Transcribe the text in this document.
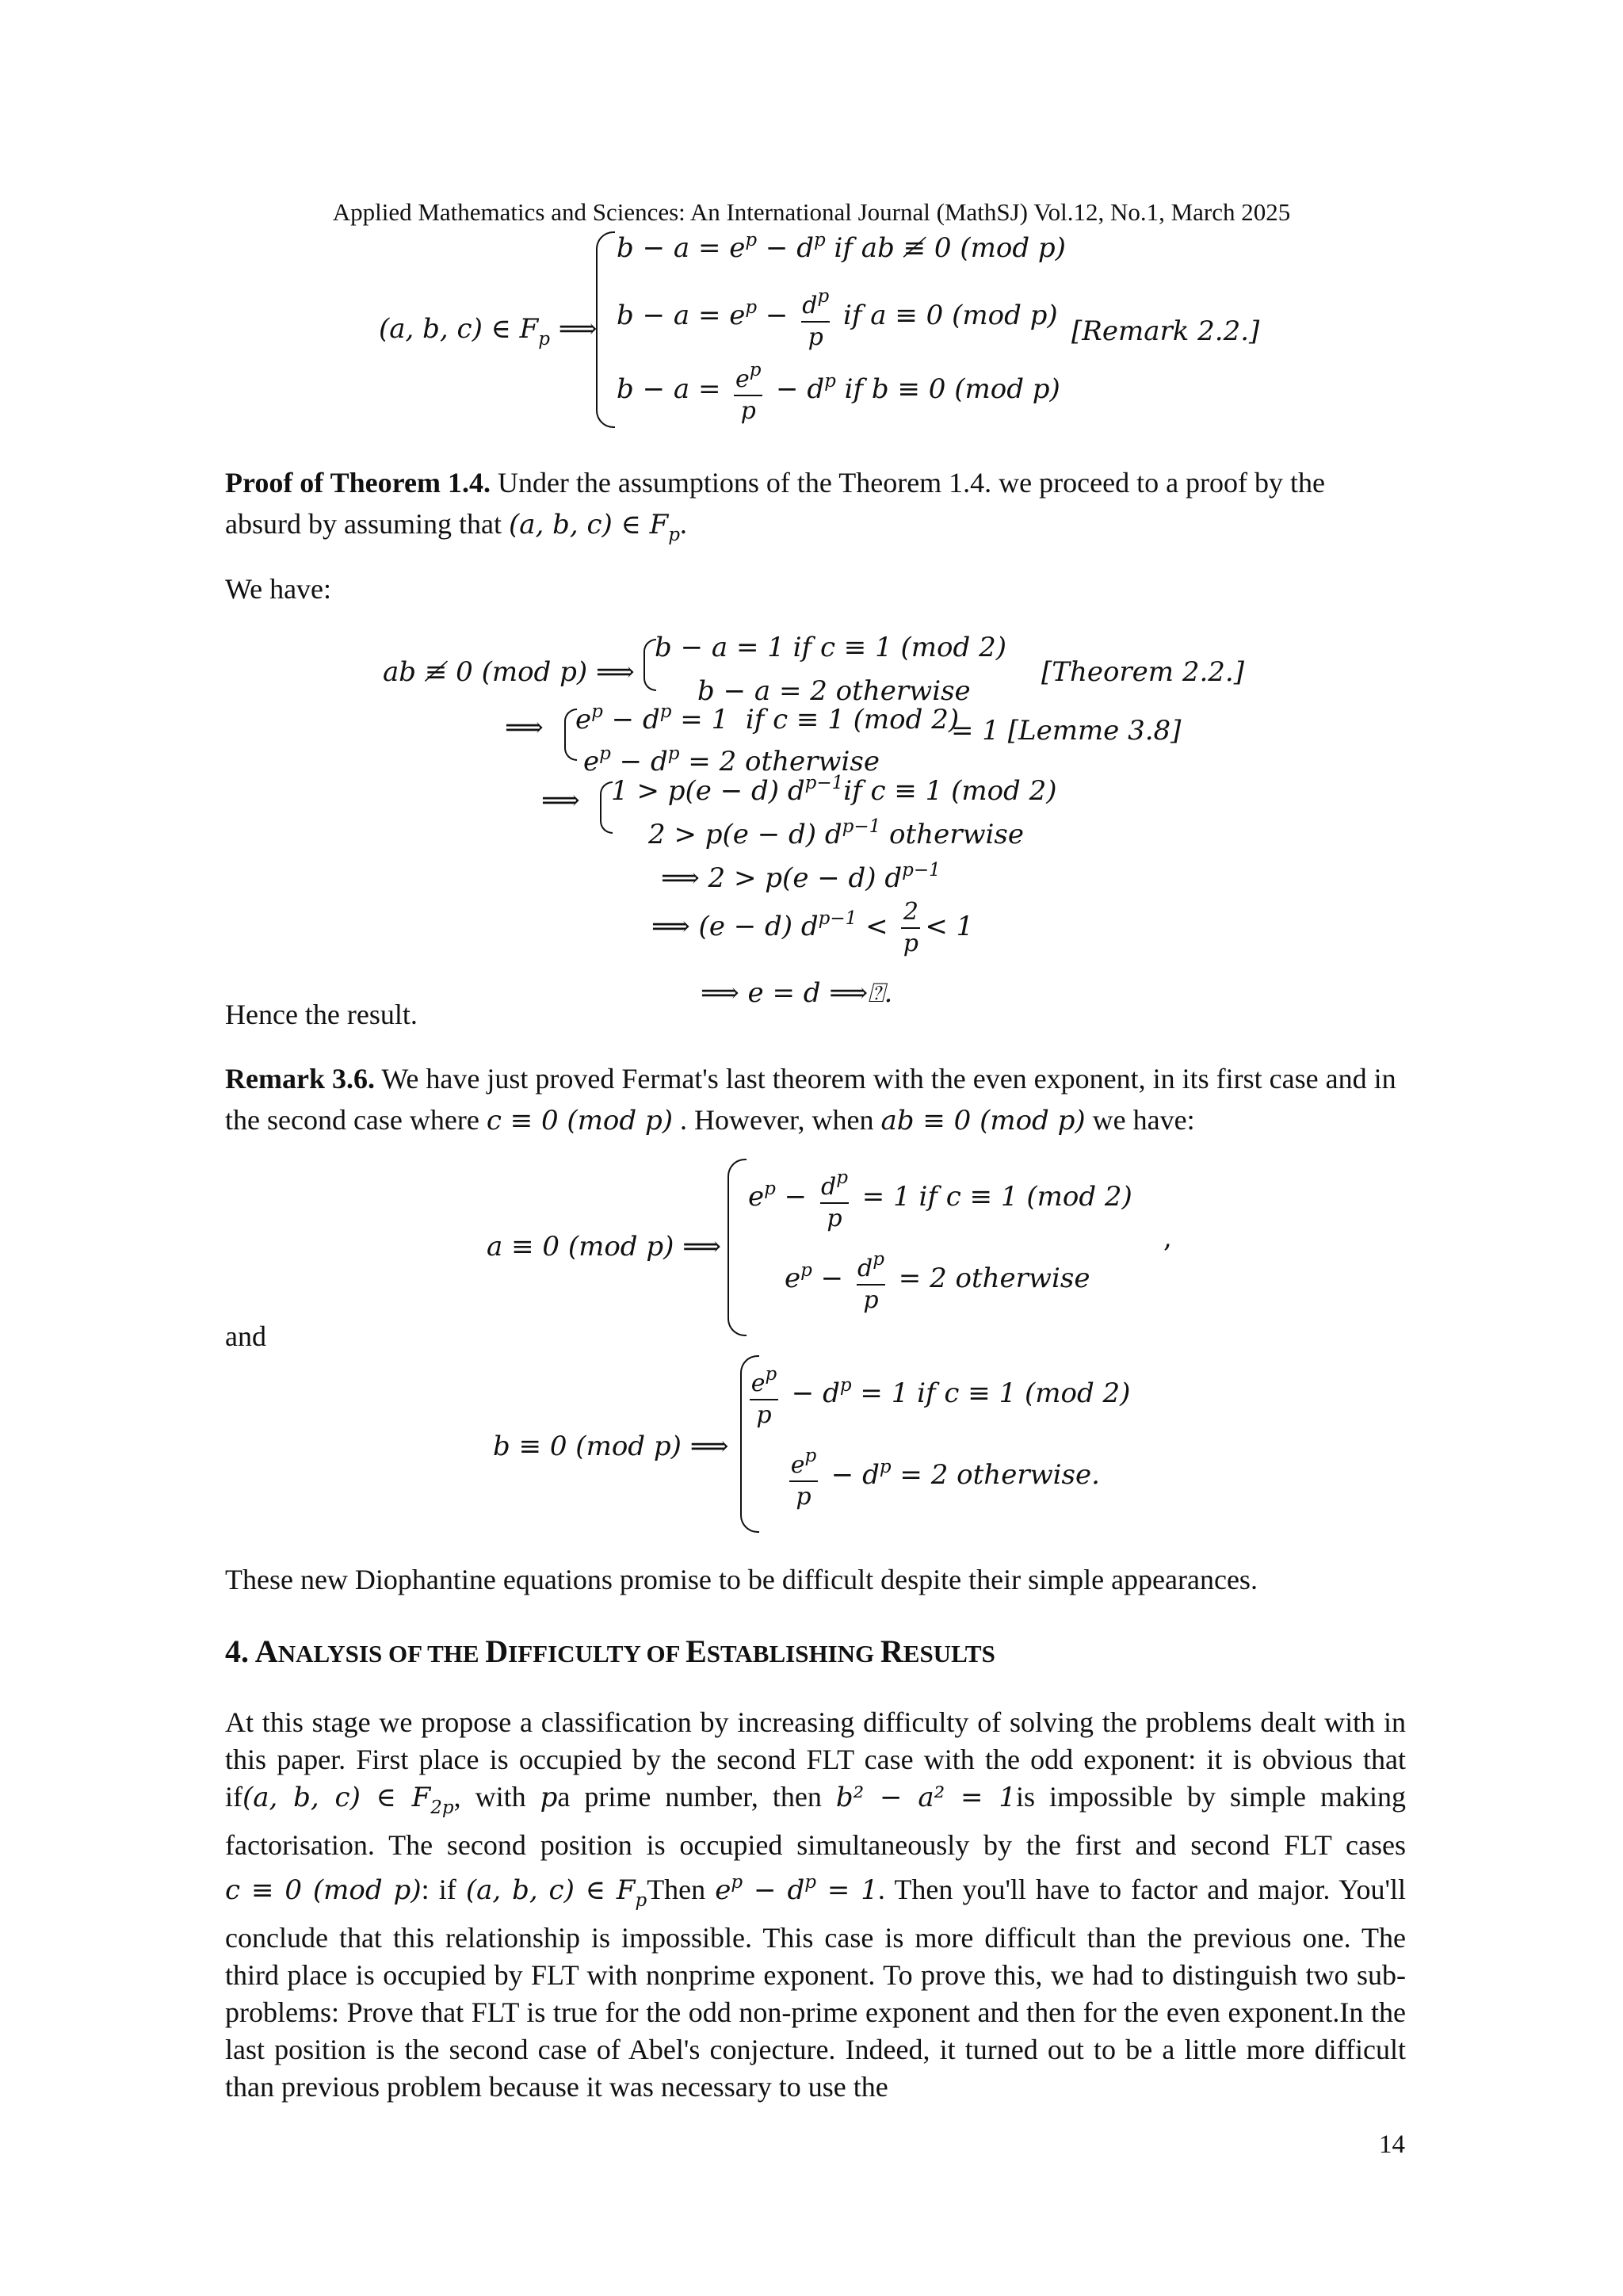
Applied Mathematics and Sciences: An International Journal (MathSJ) Vol.12, No.1, March 2025
(a, b, c) ∈ $F_p$ ⟹
$b - a = e^p - d^p$ if ab ≢ 0 (mod p)
$b - a = e^p - \frac{d^p}{p}$ if a ≡ 0 (mod p)
$b - a = \frac{e^p}{p} - d^p$ if b ≡ 0 (mod p)
[Remark 2.2.]
Proof of Theorem 1.4. Under the assumptions of the Theorem 1.4. we proceed to a proof by the absurd by assuming that (a, b, c) ∈ $F_p$.
We have:
ab ≢ 0 (mod p) ⟹
b − a = 1 if c ≡ 1 (mod 2)
b − a = 2 otherwise
[Theorem 2.2.]
⟹ $e^p - d^p = 1$  if c ≡ 1 (mod 2)
$e^p - d^p = 2$ otherwise
= 1 [Lemme 3.8]
⟹ 1 > p(e − d) $d^{p-1}if$ c ≡ 1 (mod 2)
2 > p(e − d) $d^{p-1}$ otherwise
⟹ 2 > p(e − d) $d^{p-1}$
⟹ (e − d) $d^{p-1} < \frac{2}{p} < 1$
⟹ e = d ⟹⍰.
Hence the result.
Remark 3.6. We have just proved Fermat's last theorem with the even exponent, in its first case and in the second case where c ≡ 0 (mod p) . However, when ab ≡ 0 (mod p) we have:
a ≡ 0 (mod p) ⟹
$e^p - \frac{d^p}{p} = 1$ if c ≡ 1 (mod 2)
$e^p - \frac{d^p}{p} = 2$ otherwise
,
and
b ≡ 0 (mod p) ⟹
$\frac{e^p}{p} - d^p = 1$ if c ≡ 1 (mod 2)
$\frac{e^p}{p} - d^p = 2$ otherwise.
These new Diophantine equations promise to be difficult despite their simple appearances.
4. ANALYSIS OF THE DIFFICULTY OF ESTABLISHING RESULTS
At this stage we propose a classification by increasing difficulty of solving the problems dealt with in this paper. First place is occupied by the second FLT case with the odd exponent: it is obvious that if(a, b, c) ∈ $F_{2p}$, with pa prime number, then b² − a² = 1is impossible by simple making factorisation. The second position is occupied simultaneously by the first and second FLT cases c ≡ 0 (mod p): if (a, b, c) ∈ $F_pThen$ $e^p - d^p = 1$. Then you'll have to factor and major. You'll conclude that this relationship is impossible. This case is more difficult than the previous one. The third place is occupied by FLT with nonprime exponent. To prove this, we had to distinguish two sub-problems: Prove that FLT is true for the odd non-prime exponent and then for the even exponent.In the last position is the second case of Abel's conjecture. Indeed, it turned out to be a little more difficult than previous problem because it was necessary to use the
14
